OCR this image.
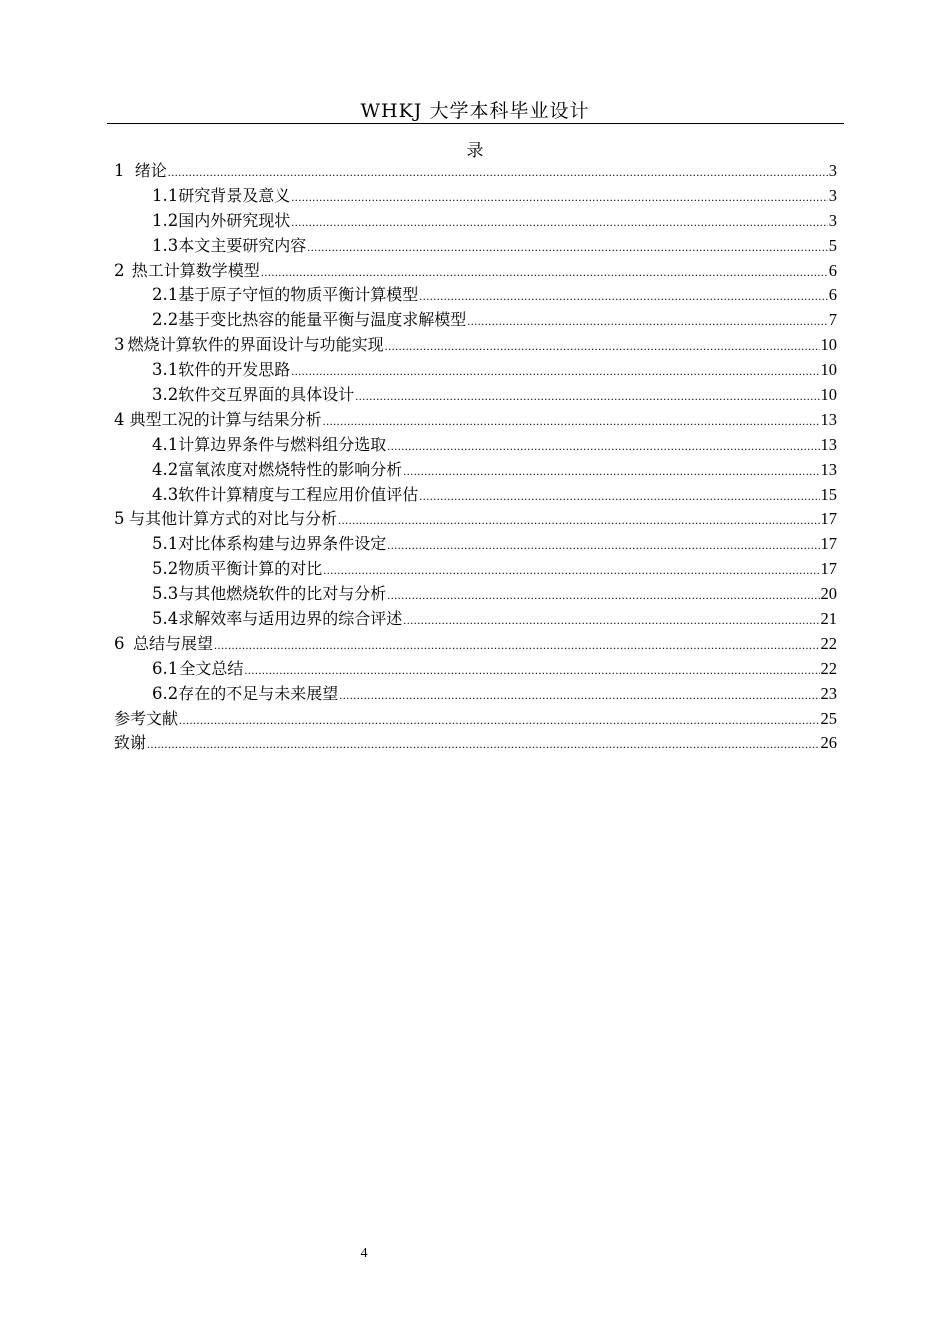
WHKJ 大学本科毕业设计
录
1 绪论 .....	3
1.1 研究背景及意义 .....	3
1.2 国内外研究现状 .....	3
1.3 本文主要研究内容 .....	5
2 热工计算数学模型 .....	6
2.1 基于原子守恒的物质平衡计算模型 .....	6
2.2 基于变比热容的能量平衡与温度求解模型 .....	7
3 燃烧计算软件的界面设计与功能实现 .....	10
3.1 软件的开发思路 .....	10
3.2 软件交互界面的具体设计 .....	10
4 典型工况的计算与结果分析 .....	13
4.1 计算边界条件与燃料组分选取 .....	13
4.2 富氧浓度对燃烧特性的影响分析 .....	13
4.3 软件计算精度与工程应用价值评估 .....	15
5 与其他计算方式的对比与分析 .....	17
5.1 对比体系构建与边界条件设定 .....	17
5.2 物质平衡计算的对比 .....	17
5.3 与其他燃烧软件的比对与分析 .....	20
5.4 求解效率与适用边界的综合评述 .....	21
6 总结与展望 .....	22
6.1 全文总结 .....	22
6.2 存在的不足与未来展望 .....	23
参考文献 .....	25
致谢 .....	26
4
